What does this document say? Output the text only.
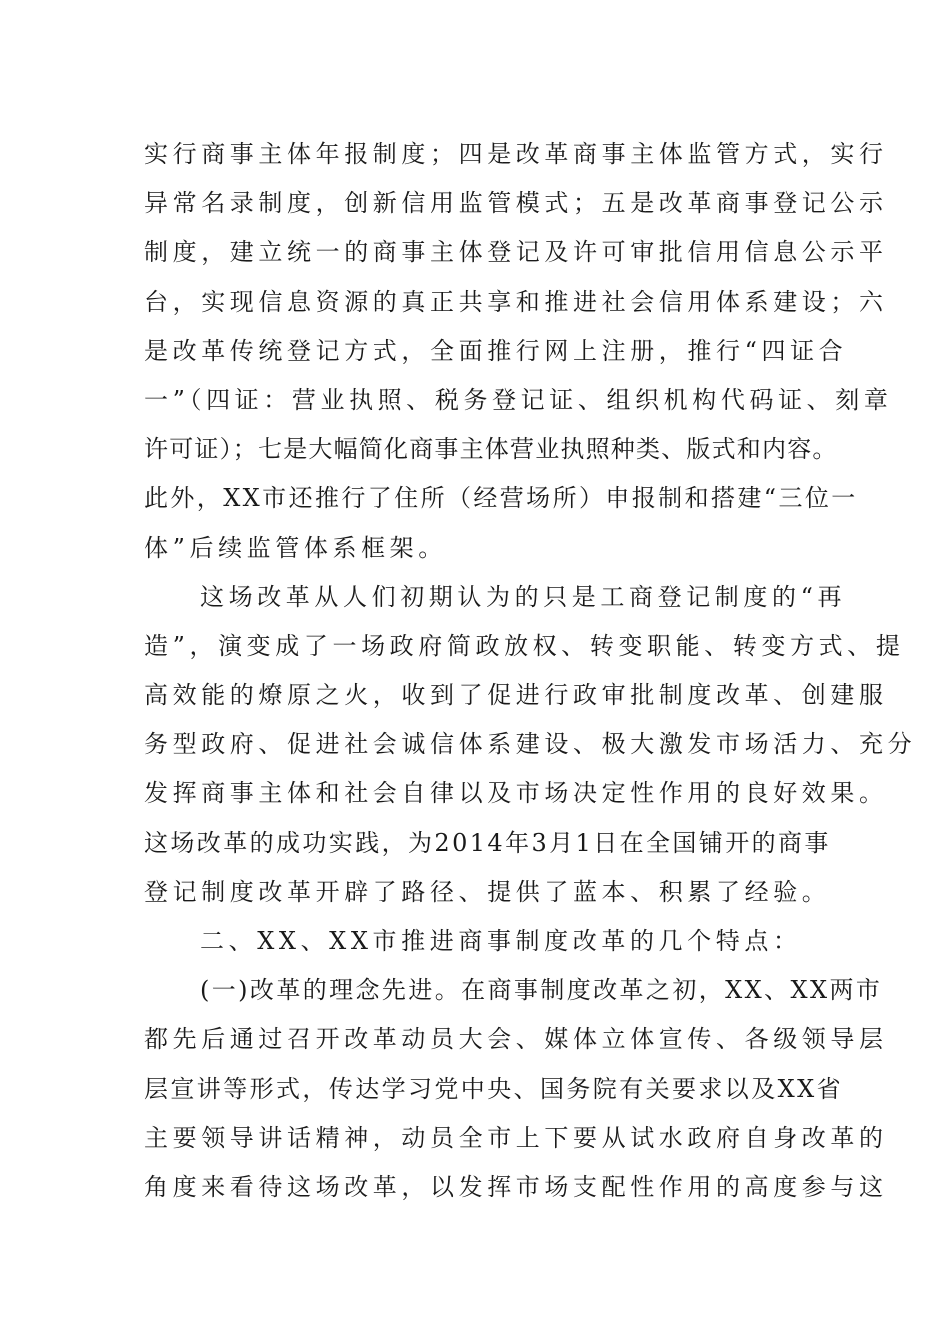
实行商事主体年报制度；四是改革商事主体监管方式，实行
异常名录制度，创新信用监管模式；五是改革商事登记公示
制度，建立统一的商事主体登记及许可审批信用信息公示平
台，实现信息资源的真正共享和推进社会信用体系建设；六
是改革传统登记方式，全面推行网上注册，推行“四证合
一”（四证：营业执照、税务登记证、组织机构代码证、刻章
许可证）；七是大幅简化商事主体营业执照种类、版式和内容。
此外，XX市还推行了住所（经营场所）申报制和搭建“三位一
体”后续监管体系框架。
这场改革从人们初期认为的只是工商登记制度的“再
造”，演变成了一场政府简政放权、转变职能、转变方式、提
高效能的燎原之火，收到了促进行政审批制度改革、创建服
务型政府、促进社会诚信体系建设、极大激发市场活力、充分
发挥商事主体和社会自律以及市场决定性作用的良好效果。
这场改革的成功实践，为2014年3月1日在全国铺开的商事
登记制度改革开辟了路径、提供了蓝本、积累了经验。
二、XX、XX市推进商事制度改革的几个特点：
(一)改革的理念先进。在商事制度改革之初，XX、XX两市
都先后通过召开改革动员大会、媒体立体宣传、各级领导层
层宣讲等形式，传达学习党中央、国务院有关要求以及XX省
主要领导讲话精神，动员全市上下要从试水政府自身改革的
角度来看待这场改革，以发挥市场支配性作用的高度参与这
